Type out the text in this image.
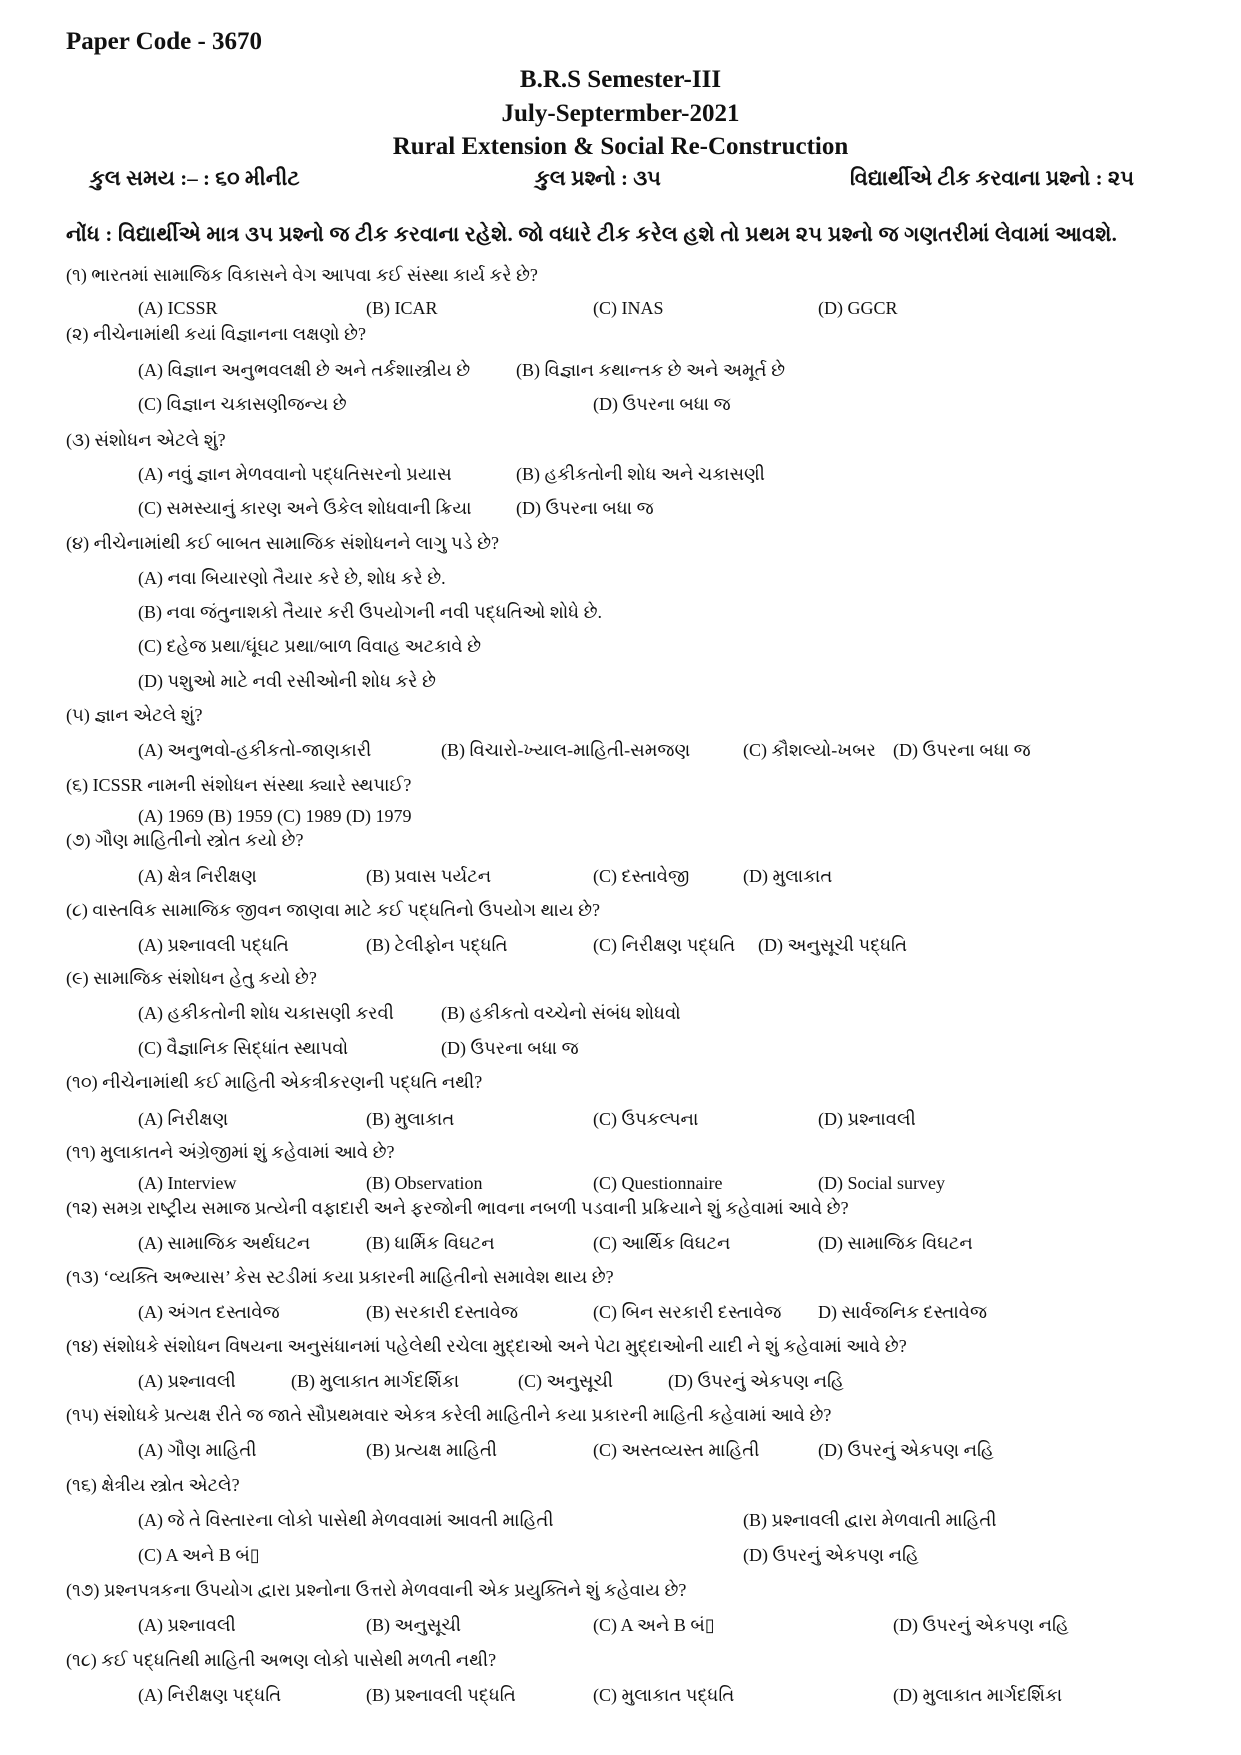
Paper Code - 3670
B.R.S Semester-III
July-Septermber-2021
Rural Extension & Social Re-Construction
કુલ સમય :– : ૬૦ મીનીટ	કુલ પ્રશ્નો : ૩૫	વિદ્યાર્થીએ ટીક કરવાના પ્રશ્નો : ૨૫
નોંધ : વિદ્યાર્થીએ માત્ર ૩૫ પ્રશ્નો જ ટીક કરવાના રહેશે. જો વધારે ટીક કરેલ હશે તો પ્રથમ ૨૫ પ્રશ્નો જ ગણતરીમાં લેવામાં આવશે.
(૧) ભારતમાં સામાજિક વિકાસને વેગ આપવા કઈ સંસ્થા કાર્ય કરે છે?
(A) ICSSR	(B) ICAR	(C) INAS	(D) GGCR
(૨) નીચેનામાંથી કયાં વિજ્ઞાનના લક્ષણો છે?
(A) વિજ્ઞાન અનુભવલક્ષી છે અને તર્કશાસ્ત્રીય છે	(B) વિજ્ઞાન કથાન્તક છે અને અમૂર્ત છે
(C) વિજ્ઞાન ચકાસણીજન્ય છે	(D) ઉપરના બધા જ
(૩) સંશોધન એટલે શું?
(A) નવું જ્ઞાન મેળવવાનો પદ્ધતિસરનો પ્રયાસ	(B) હકીકતોની શોધ અને ચકાસણી
(C) સમસ્યાનું કારણ અને ઉકેલ શોધવાની ક્રિયા (D) ઉપરના બધા જ
(૪) નીચેનામાંથી કઈ બાબત સામાજિક સંશોધનને લાગુ પડે છે?
(A) નવા બિયારણો તૈયાર કરે છે, શોધ કરે છે.
(B) નવા જંતુનાશકો તૈયાર કરી ઉપયોગની નવી પદ્ધતિઓ શોધે છે.
(C) દહેજ પ્રથા/ઘૂંઘટ પ્રથા/બાળ વિવાહ અટકાવે છે
(D) પશુઓ માટે નવી રસીઓની શોધ કરે છે
(૫) જ્ઞાન એટલે શું?
(A) અનુભવો-હકીકતો-જાણકારી	(B) વિચારો-ખ્યાલ-માહિતી-સમજણ	(C) કૌશલ્યો-ખબર (D) ઉપરના બધા જ
(૬) ICSSR નામની સંશોધન સંસ્થા ક્યારે સ્થપાઈ?
(A) 1969 (B) 1959 (C) 1989 (D) 1979
(૭) ગૌણ માહિતીનો સ્ત્રોત કયો છે?
(A) ક્ષેત્ર નિરીક્ષણ	(B) પ્રવાસ પર્યટન	(C) દસ્તાવેજી	(D) મુલાકાત
(૮) વાસ્તવિક સામાજિક જીવન જાણવા માટે કઈ પદ્ધતિનો ઉપયોગ થાય છે?
(A) પ્રશ્નાવલી પદ્ધતિ	(B) ટેલીફોન પદ્ધતિ	(C) નિરીક્ષણ પદ્ધતિ (D) અનુસૂચી પદ્ધતિ
(૯) સામાજિક સંશોધન હેતુ કયો છે?
(A) હકીકતોની શોધ ચકાસણી કરવી	(B) હકીકતો વચ્ચેનો સંબંધ શોધવો
(C) વૈજ્ઞાનિક સિદ્ધાંત સ્થાપવો	(D) ઉપરના બધા જ
(૧૦) નીચેનામાંથી કઈ માહિતી એકત્રીકરણની પદ્ધતિ નથી?
(A) નિરીક્ષણ	(B) મુલાકાત	(C) ઉપકલ્પના	(D) પ્રશ્નાવલી
(૧૧) મુલાકાતને અંગ્રેજીમાં શું કહેવામાં આવે છે?
(A) Interview	(B) Observation	(C) Questionnaire	(D) Social survey
(૧૨) સમગ્ર રાષ્ટ્રીય સમાજ પ્રત્યેની વફાદારી અને ફરજોની ભાવના નબળી પડવાની પ્રક્રિયાને શું કહેવામાં આવે છે?
(A) સામાજિક અર્થઘટન	(B) ધાર્મિક વિઘટન	(C) આર્થિક વિઘટન	(D) સામાજિક વિઘટન
(૧૩) ‘વ્યક્તિ અભ્યાસ’ કેસ સ્ટડીમાં કયા પ્રકારની માહિતીનો સમાવેશ થાય છે?
(A) અંગત દસ્તાવેજ	(B) સરકારી દસ્તાવેજ	(C) બિન સરકારી દસ્તાવેજ D) સાર્વજનિક દસ્તાવેજ
(૧૪) સંશોધકે સંશોધન વિષયના અનુસંધાનમાં પહેલેથી રચેલા મુદ્દાઓ અને પેટા મુદ્દાઓની યાદી ને શું કહેવામાં આવે છે?
(A) પ્રશ્નાવલી	(B) મુલાકાત માર્ગદર્શિકા	(C) અનુસૂચી	(D) ઉપરનું એકપણ નહિ
(૧૫) સંશોધકે પ્રત્યક્ષ રીતે જ જાતે સૌપ્રથમવાર એકત્ર કરેલી માહિતીને કયા પ્રકારની માહિતી કહેવામાં આવે છે?
(A) ગૌણ માહિતી	(B) પ્રત્યક્ષ માહિતી	(C) અસ્તવ્યસ્ત માહિતી	(D) ઉપરનું એકપણ નહિ
(૧૬) ક્ષેત્રીય સ્ત્રોત એટલે?
(A) જે તે વિસ્તારના લોકો પાસેથી મેળવવામાં આવતી માહિતી	(B) પ્રશ્નાવલી દ્વારા મેળવાતી માહિતી
(C) A અને B બં▯	(D) ઉપરનું એકપણ નહિ
(૧૭) પ્રશ્નપત્રકના ઉપયોગ દ્વારા પ્રશ્નોના ઉત્તરો મેળવવાની એક પ્રયુક્તિને શું કહેવાય છે?
(A) પ્રશ્નાવલી	(B) અનુસૂચી	(C) A અને B બં▯	(D) ઉપરનું એકપણ નહિ
(૧૮) કઈ પદ્ધતિથી માહિતી અભણ લોકો પાસેથી મળતી નથી?
(A) નિરીક્ષણ પદ્ધતિ	(B) પ્રશ્નાવલી પદ્ધતિ	(C) મુલાકાત પદ્ધતિ	(D) મુલાકાત માર્ગદર્શિકા
